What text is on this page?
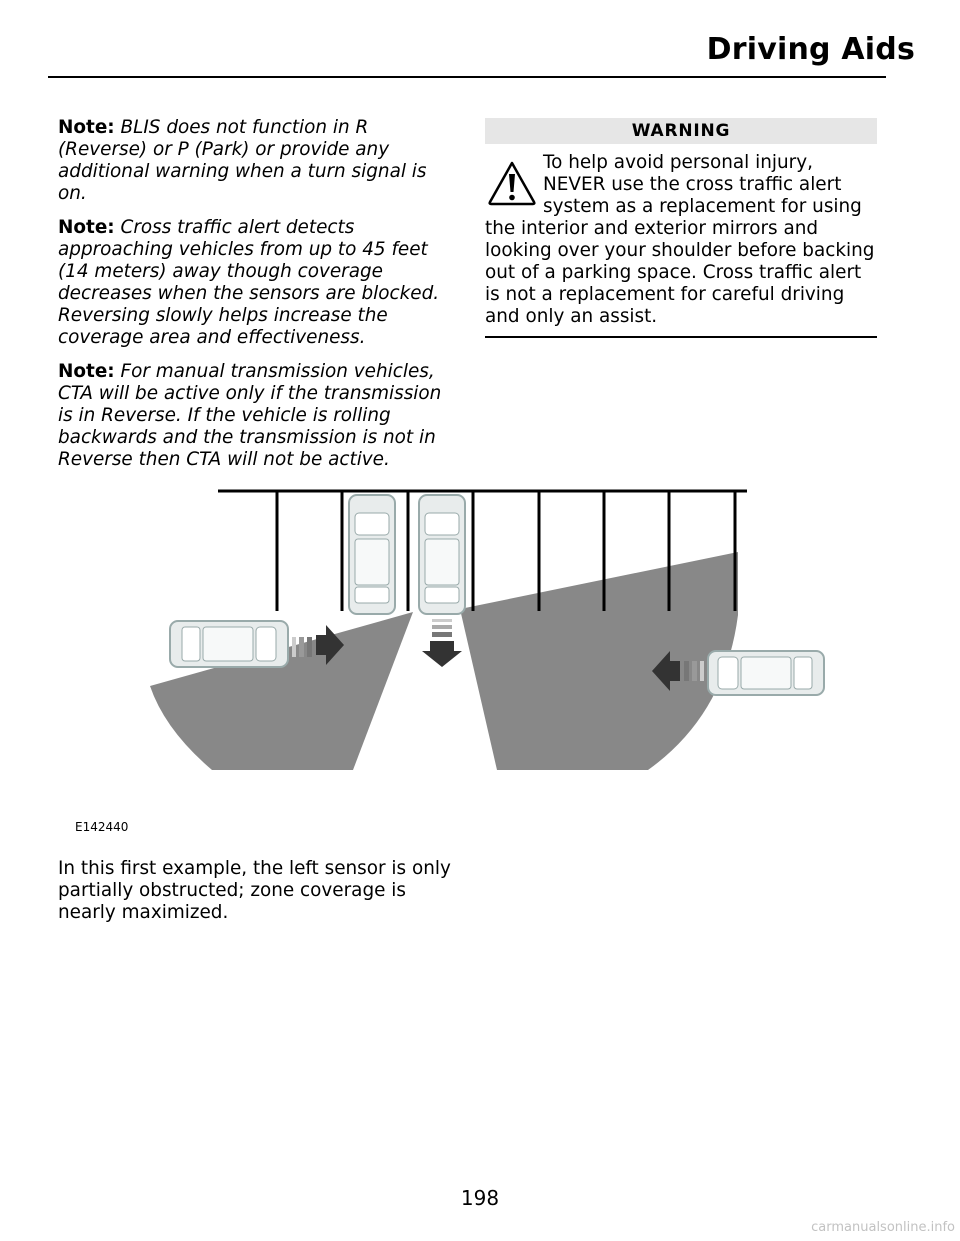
Driving Aids

Note: BLIS does not function in R (Reverse) or P (Park) or provide any additional warning when a turn signal is on.

Note: Cross traffic alert detects approaching vehicles from up to 45 feet (14 meters) away though coverage decreases when the sensors are blocked. Reversing slowly helps increase the coverage area and effectiveness.

Note: For manual transmission vehicles, CTA will be active only if the transmission is in Reverse. If the vehicle is rolling backwards and the transmission is not in Reverse then CTA will not be active.

WARNING
To help avoid personal injury, NEVER use the cross traffic alert system as a replacement for using the interior and exterior mirrors and looking over your shoulder before backing out of a parking space. Cross traffic alert is not a replacement for careful driving and only an assist.
E142440
In this first example, the left sensor is only partially obstructed; zone coverage is nearly maximized.
198
carmanualsonline.info
